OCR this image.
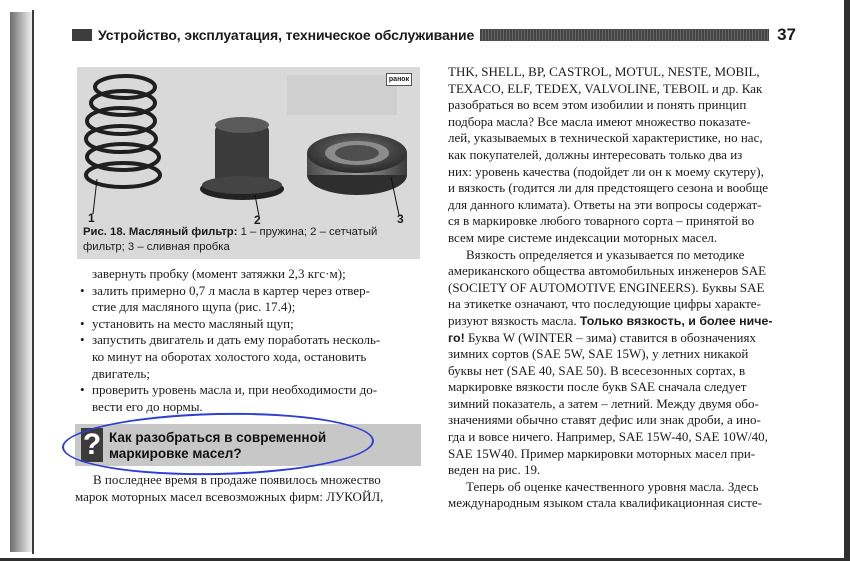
Устройство, эксплуатация, техническое обслуживание	37
ранок
1	2	3
Рис. 18. Масляный фильтр: 1 – пружина; 2 – сетчатый
фильтр; 3 – сливная пробка
завернуть пробку (момент затяжки 2,3 кгс·м);
• залить примерно 0,7 л масла в картер через отвер-
стие для масляного щупа (рис. 17.4);
• установить на место масляный щуп;
• запустить двигатель и дать ему поработать несколь-
ко минут на оборотах холостого хода, остановить
двигатель;
• проверить уровень масла и, при необходимости до-
вести его до нормы.
? Как разобраться в современной
маркировке масел?
В последнее время в продаже появилось множество
марок моторных масел всевозможных фирм: ЛУКОЙЛ,
THK, SHELL, BP, CASTROL, MOTUL, NESTE, MOBIL,
TEXACO, ELF, TEDEX, VALVOLINE, TEBOIL и др. Как
разобраться во всем этом изобилии и понять принцип
подбора масла? Все масла имеют множество показате-
лей, указываемых в технической характеристике, но нас,
как покупателей, должны интересовать только два из
них: уровень качества (подойдет ли он к моему скутеру),
и вязкость (годится ли для предстоящего сезона и вообще
для данного климата). Ответы на эти вопросы содержат-
ся в маркировке любого товарного сорта – принятой во
всем мире системе индексации моторных масел.
Вязкость определяется и указывается по методике
американского общества автомобильных инженеров SAE
(SOCIETY OF AUTOMOTIVE ENGINEERS). Буквы SAE
на этикетке означают, что последующие цифры характе-
ризуют вязкость масла. Только вязкость, и более ниче-
го! Буква W (WINTER – зима) ставится в обозначениях
зимних сортов (SAE 5W, SAE 15W), у летних никакой
буквы нет (SAE 40, SAE 50). В всесезонных сортах, в
маркировке вязкости после букв SAE сначала следует
зимний показатель, а затем – летний. Между двумя обо-
значениями обычно ставят дефис или знак дроби, а ино-
гда и вовсе ничего. Например, SAE 15W-40, SAE 10W/40,
SAE 15W40. Пример маркировки моторных масел при-
веден на рис. 19.
Теперь об оценке качественного уровня масла. Здесь
международным языком стала квалификационная систе-
